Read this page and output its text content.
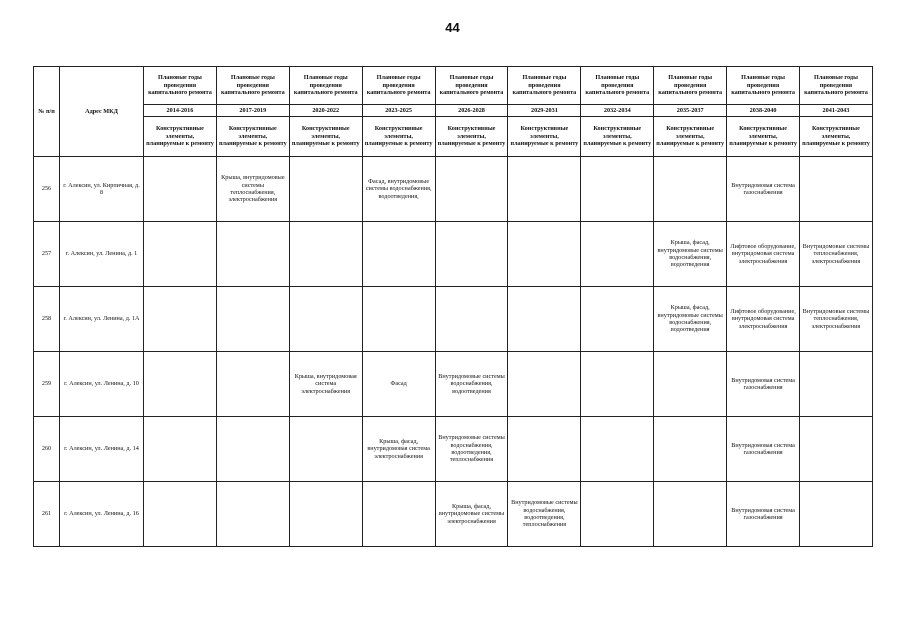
44
№ п/п	Адрес МКД	Плановые годы проведения капитального ремонта	Плановые годы проведения капитального ремонта	Плановые годы проведения капитального ремонта	Плановые годы проведения капитального ремонта	Плановые годы проведения капитального ремонта	Плановые годы проведения капитального ремонта	Плановые годы проведения капитального ремонта	Плановые годы проведения капитального ремонта	Плановые годы проведения капитального ремонта	Плановые годы проведения капитального ремонта
		2014-2016	2017-2019	2020-2022	2023-2025	2026-2028	2029-2031	2032-2034	2035-2037	2038-2040	2041-2043
		Конструктивные элементы, планируемые к ремонту	Конструктивные элементы, планируемые к ремонту	Конструктивные элементы, планируемые к ремонту	Конструктивные элементы, планируемые к ремонту	Конструктивные элементы, планируемые к ремонту	Конструктивные элементы, планируемые к ремонту	Конструктивные элементы, планируемые к ремонту	Конструктивные элементы, планируемые к ремонту	Конструктивные элементы, планируемые к ремонту	Конструктивные элементы, планируемые к ремонту
256	г. Алексин, ул. Кирпичная, д. 8		Крыша, внутридомовые системы теплоснабжения, электроснабжения		Фасад, внутридомовые системы водоснабжения, водоотведения,					Внутридомовая система газоснабжения	
257	г. Алексин, ул. Ленина, д. 1								Крыша, фасад, внутридомовые системы водоснабжения, водоотведения	Лифтовое оборудование, внутридомовая система электроснабжения	Внутридомовые системы теплоснабжения, электроснабжения
258	г. Алексин, ул. Ленина, д. 1А								Крыша, фасад, внутридомовые системы водоснабжения, водоотведения	Лифтовое оборудование, внутридомовая система электроснабжения	Внутридомовые системы теплоснабжения, электроснабжения
259	г. Алексин, ул. Ленина, д. 10			Крыша, внутридомовая система электроснабжения	Фасад	Внутридомовые системы водоснабжения, водоотведения				Внутридомовая система газоснабжения	
260	г. Алексин, ул. Ленина, д. 14				Крыша, фасад, внутридомовая система электроснабжения	Внутридомовые системы водоснабжения, водоотведения, теплоснабжения				Внутридомовая система газоснабжения	
261	г. Алексин, ул. Ленина, д. 16					Крыша, фасад, внутридомовые системы электроснабжения	Внутридомовые системы водоснабжения, водоотведения, теплоснабжения			Внутридомовая система газоснабжения	
